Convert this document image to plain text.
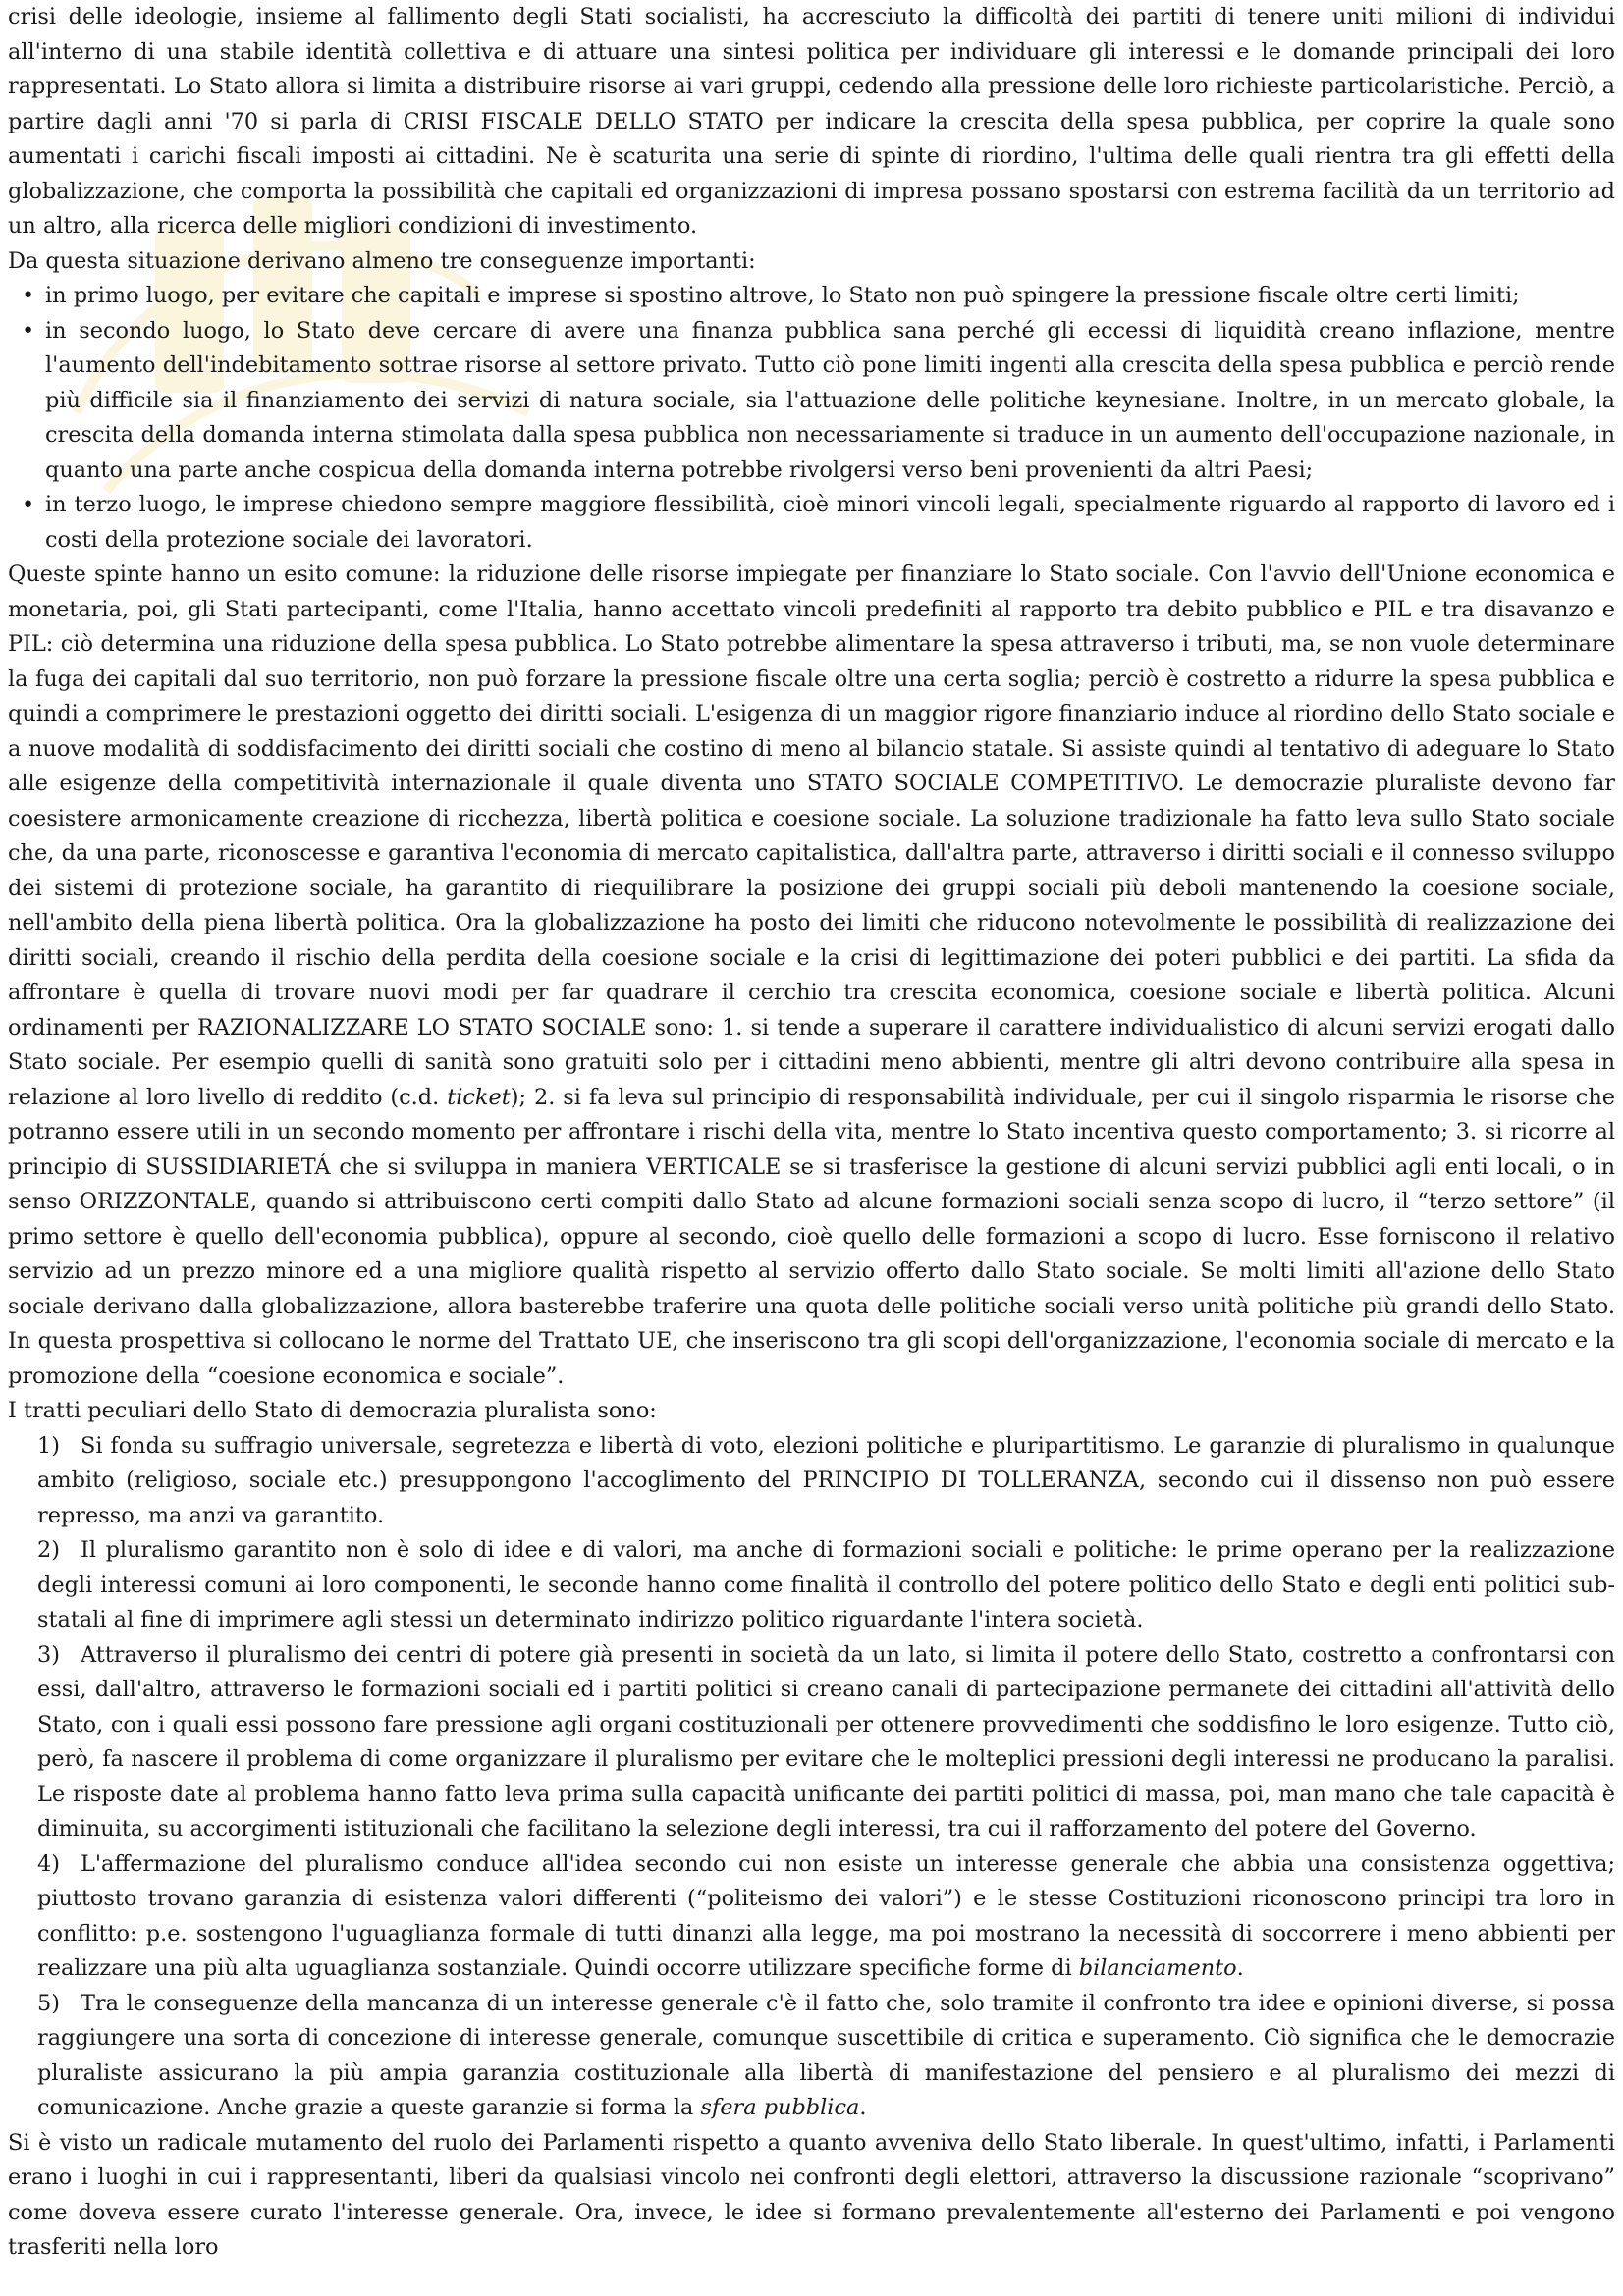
crisi delle ideologie, insieme al fallimento degli Stati socialisti, ha accresciuto la difficoltà dei partiti di tenere uniti milioni di individui all'interno di una stabile identità collettiva e di attuare una sintesi politica per individuare gli interessi e le domande principali dei loro rappresentati. Lo Stato allora si limita a distribuire risorse ai vari gruppi, cedendo alla pressione delle loro richieste particolaristiche. Perciò, a partire dagli anni '70 si parla di CRISI FISCALE DELLO STATO per indicare la crescita della spesa pubblica, per coprire la quale sono aumentati i carichi fiscali imposti ai cittadini. Ne è scaturita una serie di spinte di riordino, l'ultima delle quali rientra tra gli effetti della globalizzazione, che comporta la possibilità che capitali ed organizzazioni di impresa possano spostarsi con estrema facilità da un territorio ad un altro, alla ricerca delle migliori condizioni di investimento.

Da questa situazione derivano almeno tre conseguenze importanti:

• in primo luogo, per evitare che capitali e imprese si spostino altrove, lo Stato non può spingere la pressione fiscale oltre certi limiti;
• in secondo luogo, lo Stato deve cercare di avere una finanza pubblica sana perché gli eccessi di liquidità creano inflazione, mentre l'aumento dell'indebitamento sottrae risorse al settore privato. Tutto ciò pone limiti ingenti alla crescita della spesa pubblica e perciò rende più difficile sia il finanziamento dei servizi di natura sociale, sia l'attuazione delle politiche keynesiane. Inoltre, in un mercato globale, la crescita della domanda interna stimolata dalla spesa pubblica non necessariamente si traduce in un aumento dell'occupazione nazionale, in quanto una parte anche cospicua della domanda interna potrebbe rivolgersi verso beni provenienti da altri Paesi;
• in terzo luogo, le imprese chiedono sempre maggiore flessibilità, cioè minori vincoli legali, specialmente riguardo al rapporto di lavoro ed i costi della protezione sociale dei lavoratori.

Queste spinte hanno un esito comune: la riduzione delle risorse impiegate per finanziare lo Stato sociale. Con l'avvio dell'Unione economica e monetaria, poi, gli Stati partecipanti, come l'Italia, hanno accettato vincoli predefiniti al rapporto tra debito pubblico e PIL e tra disavanzo e PIL: ciò determina una riduzione della spesa pubblica. Lo Stato potrebbe alimentare la spesa attraverso i tributi, ma, se non vuole determinare la fuga dei capitali dal suo territorio, non può forzare la pressione fiscale oltre una certa soglia; perciò è costretto a ridurre la spesa pubblica e quindi a comprimere le prestazioni oggetto dei diritti sociali. L'esigenza di un maggior rigore finanziario induce al riordino dello Stato sociale e a nuove modalità di soddisfacimento dei diritti sociali che costino di meno al bilancio statale. Si assiste quindi al tentativo di adeguare lo Stato alle esigenze della competitività internazionale il quale diventa uno STATO SOCIALE COMPETITIVO. Le democrazie pluraliste devono far coesistere armonicamente creazione di ricchezza, libertà politica e coesione sociale. La soluzione tradizionale ha fatto leva sullo Stato sociale che, da una parte, riconoscesse e garantiva l'economia di mercato capitalistica, dall'altra parte, attraverso i diritti sociali e il connesso sviluppo dei sistemi di protezione sociale, ha garantito di riequilibrare la posizione dei gruppi sociali più deboli mantenendo la coesione sociale, nell'ambito della piena libertà politica. Ora la globalizzazione ha posto dei limiti che riducono notevolmente le possibilità di realizzazione dei diritti sociali, creando il rischio della perdita della coesione sociale e la crisi di legittimazione dei poteri pubblici e dei partiti. La sfida da affrontare è quella di trovare nuovi modi per far quadrare il cerchio tra crescita economica, coesione sociale e libertà politica. Alcuni ordinamenti per RAZIONALIZZARE LO STATO SOCIALE sono: 1. si tende a superare il carattere individualistico di alcuni servizi erogati dallo Stato sociale. Per esempio quelli di sanità sono gratuiti solo per i cittadini meno abbienti, mentre gli altri devono contribuire alla spesa in relazione al loro livello di reddito (c.d. ticket); 2. si fa leva sul principio di responsabilità individuale, per cui il singolo risparmia le risorse che potranno essere utili in un secondo momento per affrontare i rischi della vita, mentre lo Stato incentiva questo comportamento; 3. si ricorre al principio di SUSSIDIARIETÁ che si sviluppa in maniera VERTICALE se si trasferisce la gestione di alcuni servizi pubblici agli enti locali, o in senso ORIZZONTALE, quando si attribuiscono certi compiti dallo Stato ad alcune formazioni sociali senza scopo di lucro, il “terzo settore” (il primo settore è quello dell'economia pubblica), oppure al secondo, cioè quello delle formazioni a scopo di lucro. Esse forniscono il relativo servizio ad un prezzo minore ed a una migliore qualità rispetto al servizio offerto dallo Stato sociale. Se molti limiti all'azione dello Stato sociale derivano dalla globalizzazione, allora basterebbe traferire una quota delle politiche sociali verso unità politiche più grandi dello Stato. In questa prospettiva si collocano le norme del Trattato UE, che inseriscono tra gli scopi dell'organizzazione, l'economia sociale di mercato e la promozione della “coesione economica e sociale”.

I tratti peculiari dello Stato di democrazia pluralista sono:

1) Si fonda su suffragio universale, segretezza e libertà di voto, elezioni politiche e pluripartitismo. Le garanzie di pluralismo in qualunque ambito (religioso, sociale etc.) presuppongono l'accoglimento del PRINCIPIO DI TOLLERANZA, secondo cui il dissenso non può essere represso, ma anzi va garantito.
2) Il pluralismo garantito non è solo di idee e di valori, ma anche di formazioni sociali e politiche: le prime operano per la realizzazione degli interessi comuni ai loro componenti, le seconde hanno come finalità il controllo del potere politico dello Stato e degli enti politici sub-statali al fine di imprimere agli stessi un determinato indirizzo politico riguardante l'intera società.
3) Attraverso il pluralismo dei centri di potere già presenti in società da un lato, si limita il potere dello Stato, costretto a confrontarsi con essi, dall'altro, attraverso le formazioni sociali ed i partiti politici si creano canali di partecipazione permanete dei cittadini all'attività dello Stato, con i quali essi possono fare pressione agli organi costituzionali per ottenere provvedimenti che soddisfino le loro esigenze. Tutto ciò, però, fa nascere il problema di come organizzare il pluralismo per evitare che le molteplici pressioni degli interessi ne producano la paralisi. Le risposte date al problema hanno fatto leva prima sulla capacità unificante dei partiti politici di massa, poi, man mano che tale capacità è diminuita, su accorgimenti istituzionali che facilitano la selezione degli interessi, tra cui il rafforzamento del potere del Governo.
4) L'affermazione del pluralismo conduce all'idea secondo cui non esiste un interesse generale che abbia una consistenza oggettiva; piuttosto trovano garanzia di esistenza valori differenti (“politeismo dei valori”) e le stesse Costituzioni riconoscono principi tra loro in conflitto: p.e. sostengono l'uguaglianza formale di tutti dinanzi alla legge, ma poi mostrano la necessità di soccorrere i meno abbienti per realizzare una più alta uguaglianza sostanziale. Quindi occorre utilizzare specifiche forme di bilanciamento.
5) Tra le conseguenze della mancanza di un interesse generale c'è il fatto che, solo tramite il confronto tra idee e opinioni diverse, si possa raggiungere una sorta di concezione di interesse generale, comunque suscettibile di critica e superamento. Ciò significa che le democrazie pluraliste assicurano la più ampia garanzia costituzionale alla libertà di manifestazione del pensiero e al pluralismo dei mezzi di comunicazione. Anche grazie a queste garanzie si forma la sfera pubblica.

Si è visto un radicale mutamento del ruolo dei Parlamenti rispetto a quanto avveniva dello Stato liberale. In quest'ultimo, infatti, i Parlamenti erano i luoghi in cui i rappresentanti, liberi da qualsiasi vincolo nei confronti degli elettori, attraverso la discussione razionale “scoprivano” come doveva essere curato l'interesse generale. Ora, invece, le idee si formano prevalentemente all'esterno dei Parlamenti e poi vengono trasferiti nella loro
